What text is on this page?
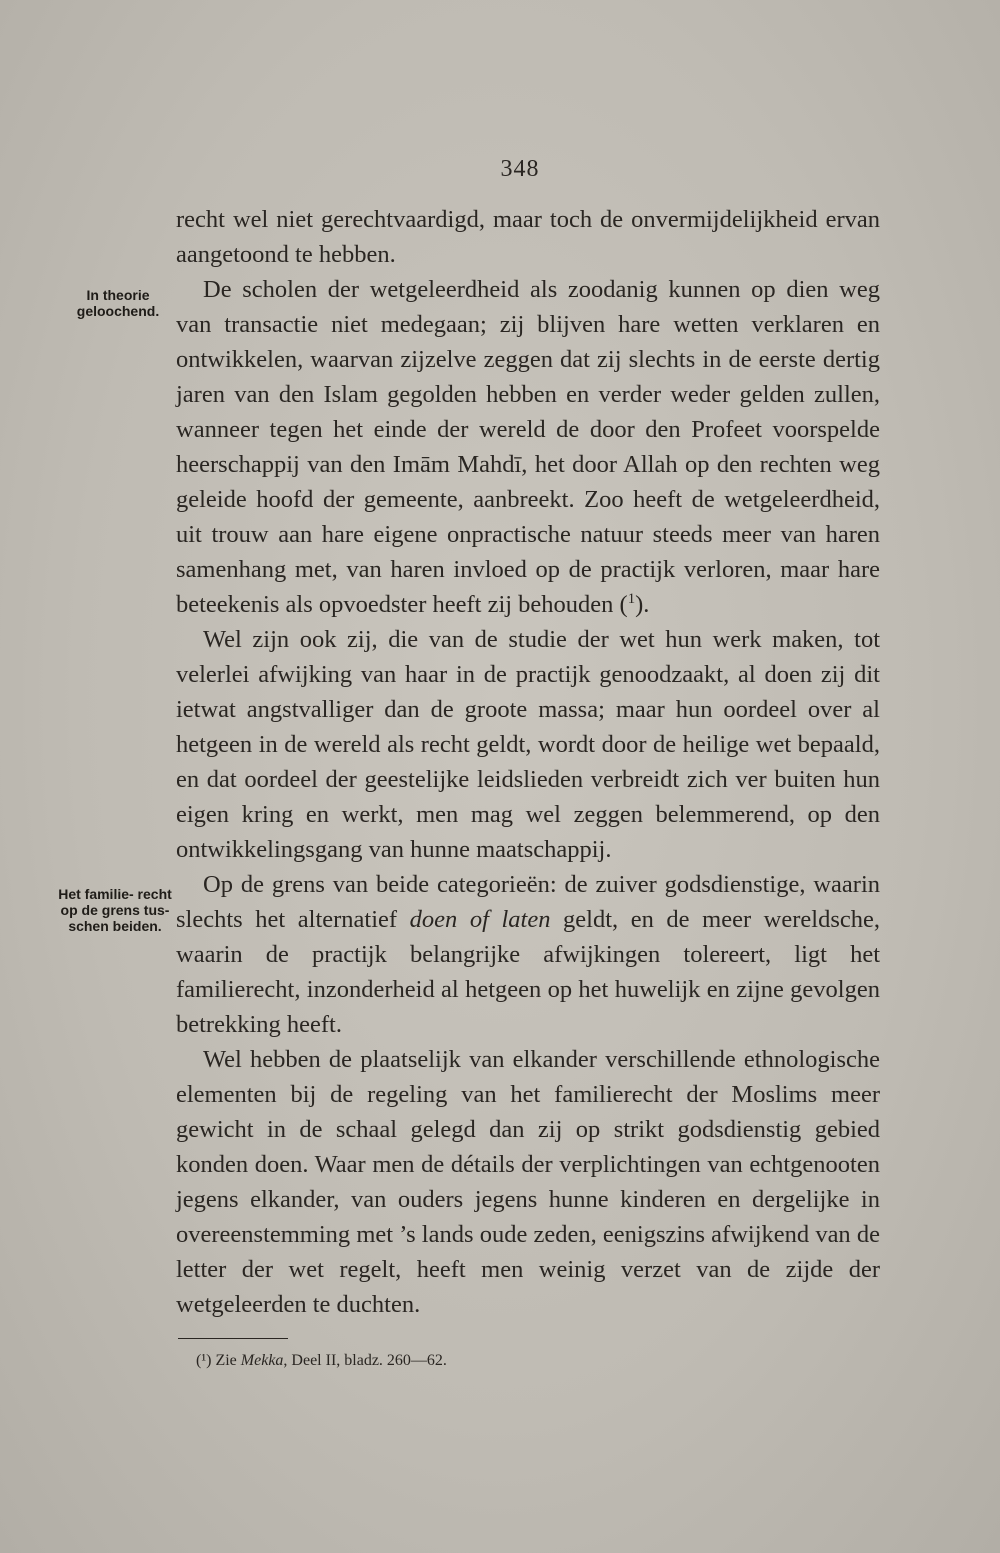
348
In theorie geloochend.
Het familie- recht op de grens tus- schen beiden.

recht wel niet gerechtvaardigd, maar toch de onvermijdelijkheid ervan aangetoond te hebben.

De scholen der wetgeleerdheid als zoodanig kunnen op dien weg van transactie niet medegaan; zij blijven hare wetten verklaren en ontwikkelen, waarvan zijzelve zeggen dat zij slechts in de eerste dertig jaren van den Islam gegolden hebben en verder weder gelden zullen, wanneer tegen het einde der wereld de door den Profeet voorspelde heerschappij van den Imām Mahdī, het door Allah op den rechten weg geleide hoofd der gemeente, aanbreekt. Zoo heeft de wetgeleerdheid, uit trouw aan hare eigene onpractische natuur steeds meer van haren samenhang met, van haren invloed op de practijk verloren, maar hare beteekenis als opvoedster heeft zij behouden ($^1$).

Wel zijn ook zij, die van de studie der wet hun werk maken, tot velerlei afwijking van haar in de practijk genoodzaakt, al doen zij dit ietwat angstvalliger dan de groote massa; maar hun oordeel over al hetgeen in de wereld als recht geldt, wordt door de heilige wet bepaald, en dat oordeel der geestelijke leidslieden verbreidt zich ver buiten hun eigen kring en werkt, men mag wel zeggen belemmerend, op den ontwikkelingsgang van hunne maatschappij.

Op de grens van beide categorieën: de zuiver godsdienstige, waarin slechts het alternatief doen of laten geldt, en de meer wereldsche, waarin de practijk belangrijke afwijkingen tolereert, ligt het familierecht, inzonderheid al hetgeen op het huwelijk en zijne gevolgen betrekking heeft.

Wel hebben de plaatselijk van elkander verschillende ethnologische elementen bij de regeling van het familierecht der Moslims meer gewicht in de schaal gelegd dan zij op strikt godsdienstig gebied konden doen. Waar men de détails der verplichtingen van echtgenooten jegens elkander, van ouders jegens hunne kinderen en dergelijke in overeenstemming met ’s lands oude zeden, eenigszins afwijkend van de letter der wet regelt, heeft men weinig verzet van de zijde der wetgeleerden te duchten.

(¹) Zie Mekka, Deel II, bladz. 260—62.
